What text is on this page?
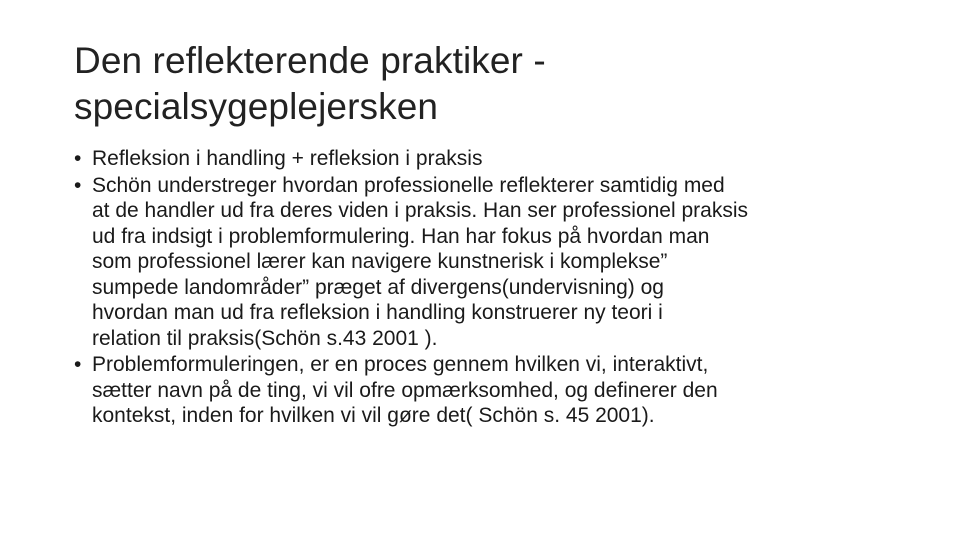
Den reflekterende praktiker -
specialsygeplejersken
• Refleksion i handling + refleksion i praksis
• Schön understreger hvordan professionelle reflekterer samtidig med
at de handler ud fra deres viden i praksis. Han ser professionel praksis
ud fra indsigt i problemformulering. Han har fokus på hvordan man
som professionel lærer kan navigere kunstnerisk i komplekse”
sumpede landområder” præget af divergens(undervisning) og
hvordan man ud fra refleksion i handling konstruerer ny teori i
relation til praksis(Schön s.43 2001 ).
• Problemformuleringen, er en proces gennem hvilken vi, interaktivt,
sætter navn på de ting, vi vil ofre opmærksomhed, og definerer den
kontekst, inden for hvilken vi vil gøre det( Schön s. 45 2001).
